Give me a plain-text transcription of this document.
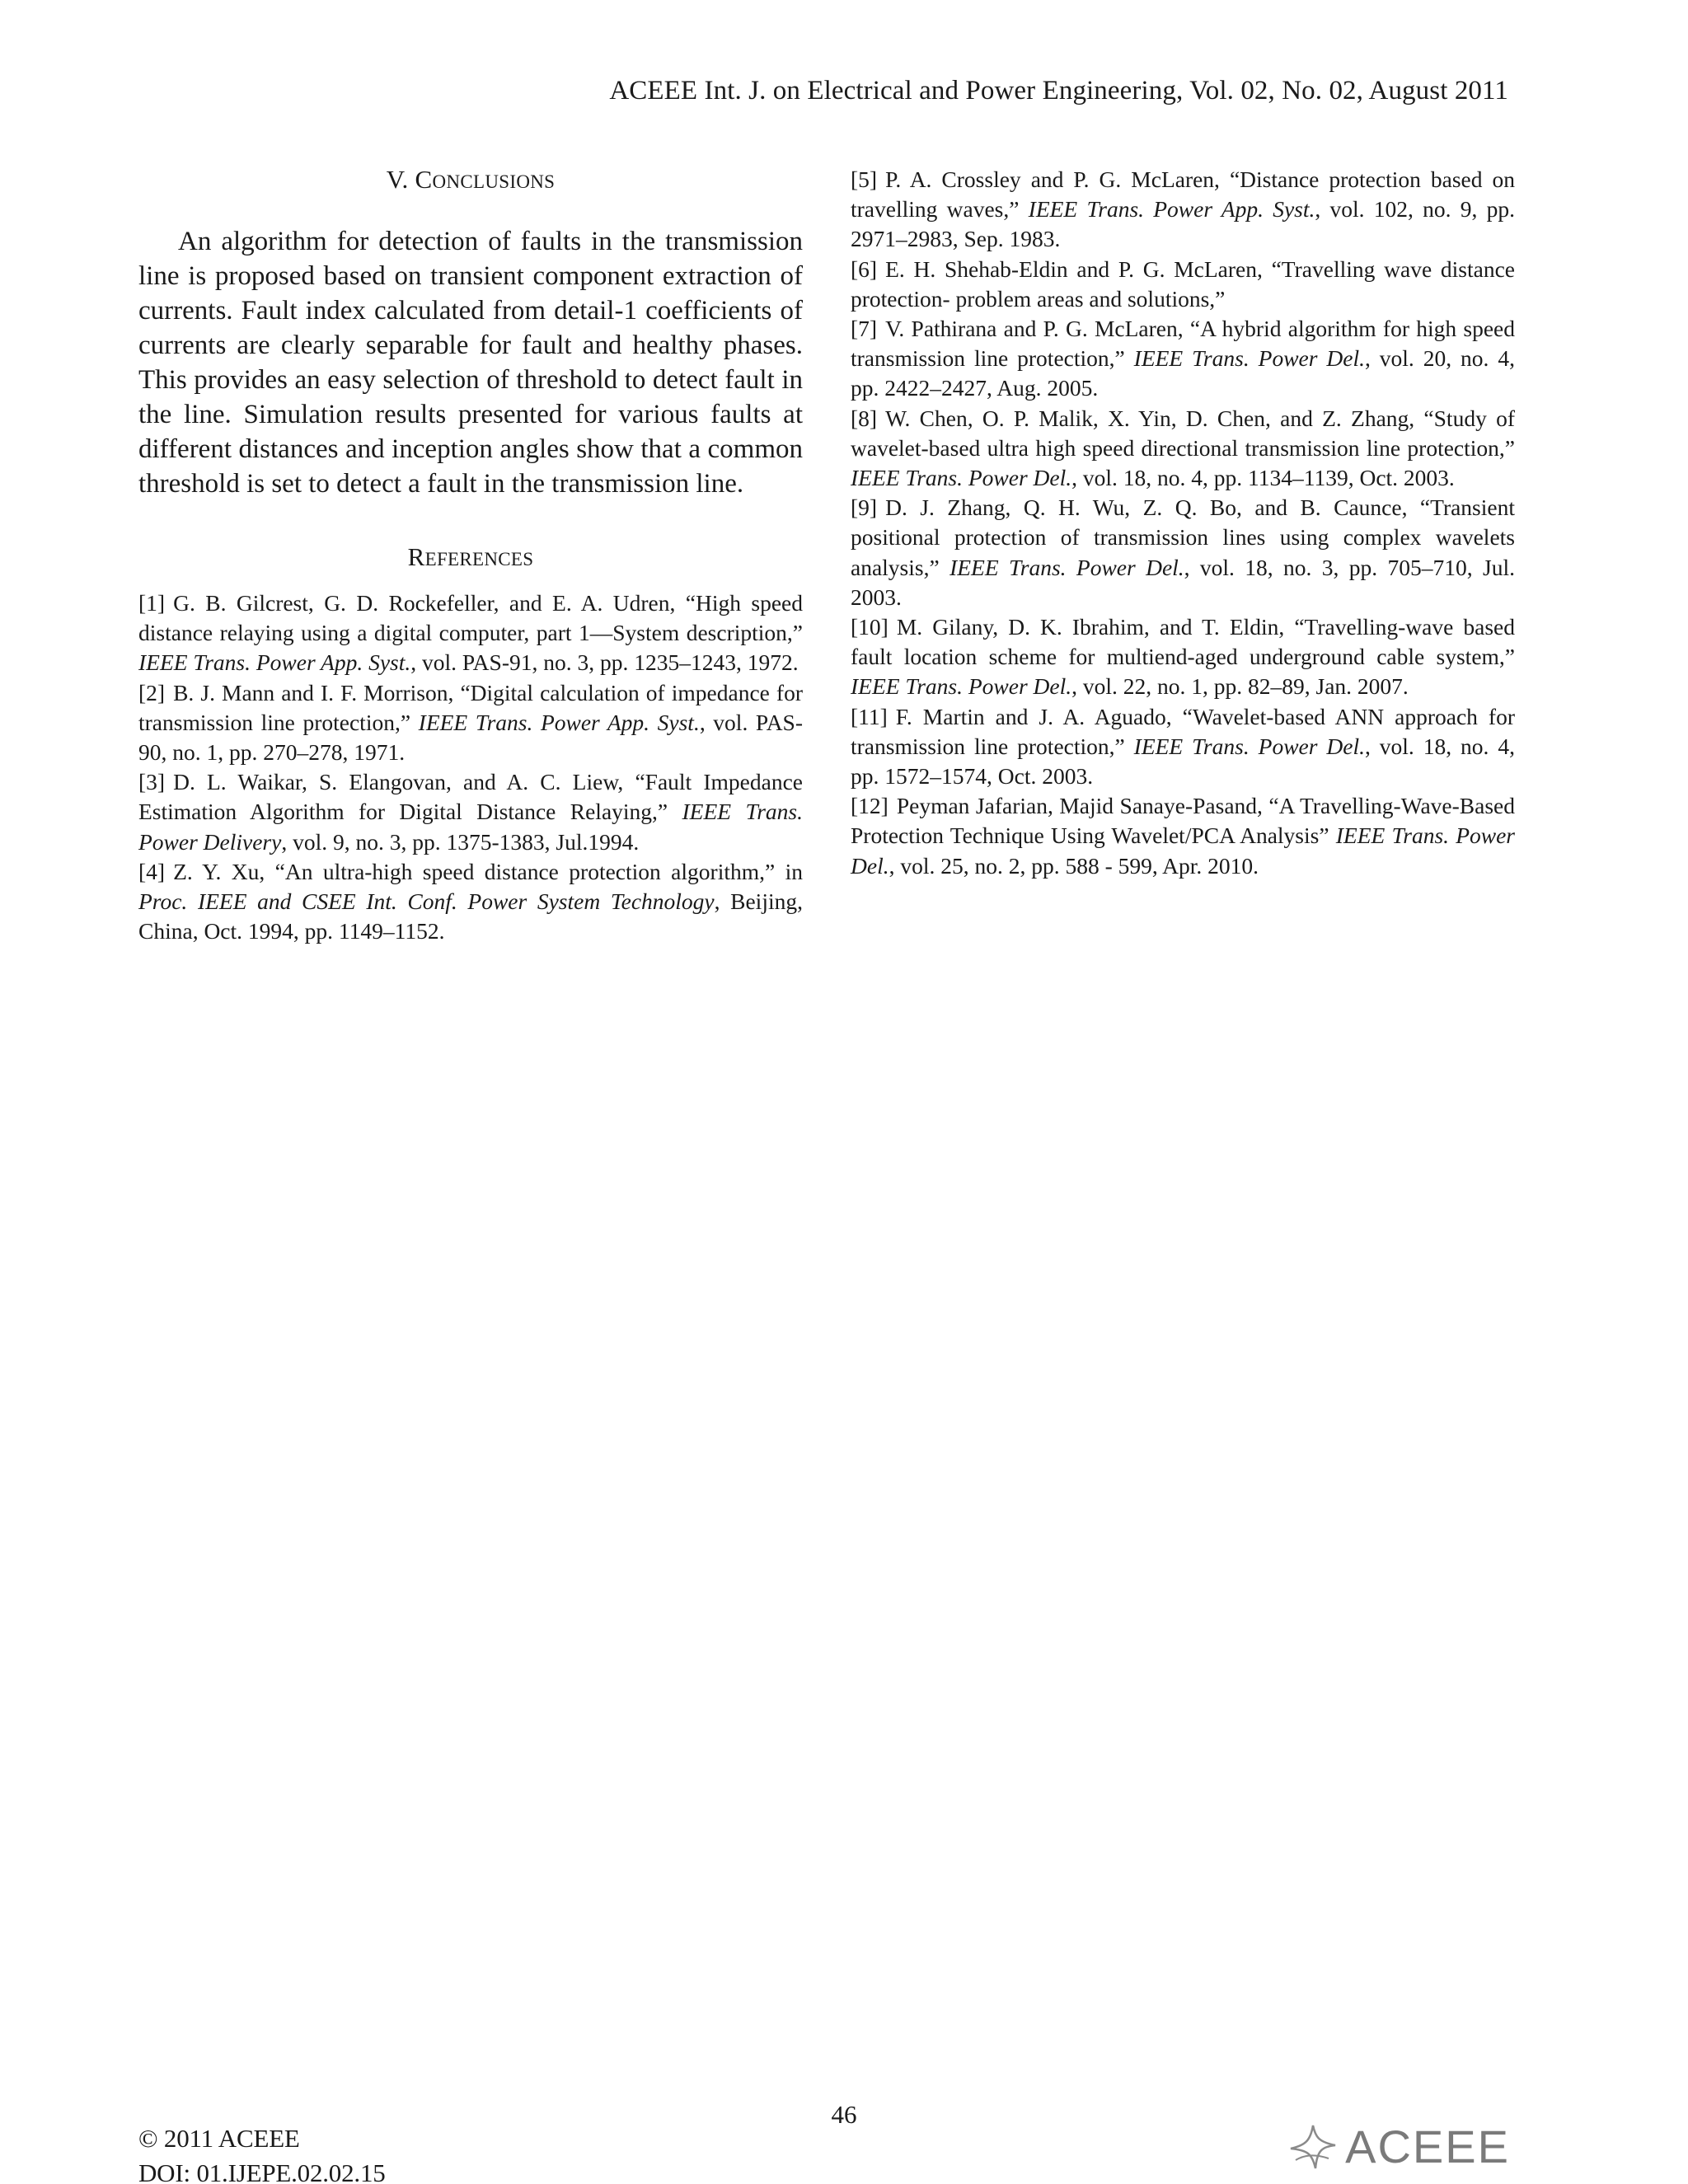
ACEEE Int. J. on Electrical and Power Engineering, Vol. 02, No. 02, August 2011
V. CONCLUSIONS

An algorithm for detection of faults in the transmission line is proposed based on transient component extraction of currents. Fault index calculated from detail-1 coefficients of currents are clearly separable for fault and healthy phases. This provides an easy selection of threshold to detect fault in the line. Simulation results presented for various faults at different distances and inception angles show that a common threshold is set to detect a fault in the transmission line.

REFERENCES

[1] G. B. Gilcrest, G. D. Rockefeller, and E. A. Udren, “High speed distance relaying using a digital computer, part 1—System description,” IEEE Trans. Power App. Syst., vol. PAS-91, no. 3, pp. 1235–1243, 1972.

[2] B. J. Mann and I. F. Morrison, “Digital calculation of impedance for transmission line protection,” IEEE Trans. Power App. Syst., vol. PAS-90, no. 1, pp. 270–278, 1971.

[3] D. L. Waikar, S. Elangovan, and A. C. Liew, “Fault Impedance Estimation Algorithm for Digital Distance Relaying,” IEEE Trans. Power Delivery, vol. 9, no. 3, pp. 1375-1383, Jul.1994.

[4] Z. Y. Xu, “An ultra-high speed distance protection algorithm,” in Proc. IEEE and CSEE Int. Conf. Power System Technology, Beijing, China, Oct. 1994, pp. 1149–1152.

[5] P. A. Crossley and P. G. McLaren, “Distance protection based on travelling waves,” IEEE Trans. Power App. Syst., vol. 102, no. 9, pp. 2971–2983, Sep. 1983.

[6] E. H. Shehab-Eldin and P. G. McLaren, “Travelling wave distance protection- problem areas and solutions,”

[7] V. Pathirana and P. G. McLaren, “A hybrid algorithm for high speed transmission line protection,” IEEE Trans. Power Del., vol. 20, no. 4, pp. 2422–2427, Aug. 2005.

[8] W. Chen, O. P. Malik, X. Yin, D. Chen, and Z. Zhang, “Study of wavelet-based ultra high speed directional transmission line protection,” IEEE Trans. Power Del., vol. 18, no. 4, pp. 1134–1139, Oct. 2003.

[9] D. J. Zhang, Q. H. Wu, Z. Q. Bo, and B. Caunce, “Transient positional protection of transmission lines using complex wavelets analysis,” IEEE Trans. Power Del., vol. 18, no. 3, pp. 705–710, Jul. 2003.

[10] M. Gilany, D. K. Ibrahim, and T. Eldin, “Travelling-wave based fault location scheme for multiend-aged underground cable system,” IEEE Trans. Power Del., vol. 22, no. 1, pp. 82–89, Jan. 2007.

[11] F. Martin and J. A. Aguado, “Wavelet-based ANN approach for transmission line protection,” IEEE Trans. Power Del., vol. 18, no. 4, pp. 1572–1574, Oct. 2003.

[12] Peyman Jafarian, Majid Sanaye-Pasand, “A Travelling-Wave-Based Protection Technique Using Wavelet/PCA Analysis” IEEE Trans. Power Del., vol. 25, no. 2, pp. 588 - 599, Apr. 2010.

46
© 2011 ACEEE
DOI: 01.IJEPE.02.02.15
ACEEE
